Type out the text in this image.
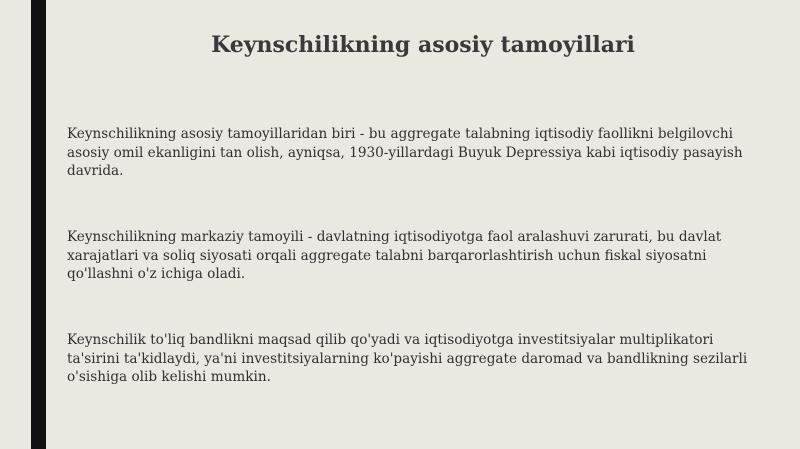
Keynschilikning asosiy tamoyillari

Keynschilikning asosiy tamoyillaridan biri - bu aggregate talabning iqtisodiy faollikni belgilovchi asosiy omil ekanligini tan olish, ayniqsa, 1930-yillardagi Buyuk Depressiya kabi iqtisodiy pasayish davrida.

Keynschilikning markaziy tamoyili - davlatning iqtisodiyotga faol aralashuvi zarurati, bu davlat xarajatlari va soliq siyosati orqali aggregate talabni barqarorlashtirish uchun fiskal siyosatni qo'llashni o'z ichiga oladi.

Keynschilik to'liq bandlikni maqsad qilib qo'yadi va iqtisodiyotga investitsiyalar multiplikatori ta'sirini ta'kidlaydi, ya'ni investitsiyalarning ko'payishi aggregate daromad va bandlikning sezilarli o'sishiga olib kelishi mumkin.
